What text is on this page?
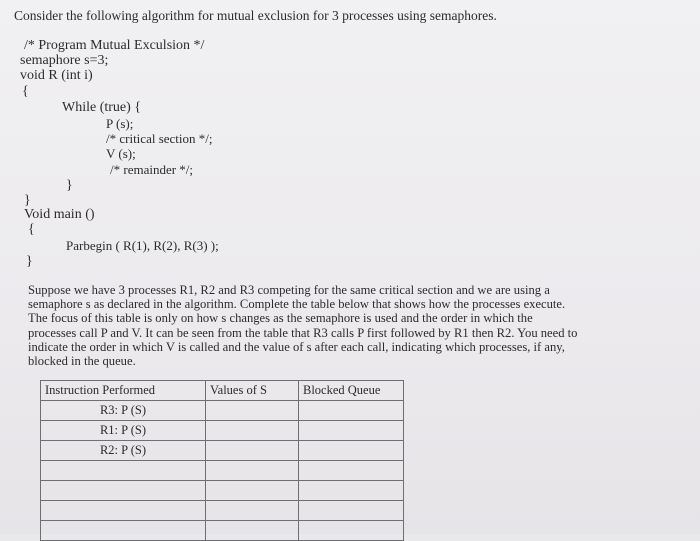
Consider the following algorithm for mutual exclusion for 3 processes using semaphores.
/* Program Mutual Exculsion */
semaphore s=3;
void R (int i)
{
While (true) {
P (s);
/* critical section */;
V (s);
/* remainder */;
}
}
Void main ()
{
Parbegin ( R(1), R(2), R(3) );
}

Suppose we have 3 processes R1, R2 and R3 competing for the same critical section and we are using a

semaphore s as declared in the algorithm. Complete the table below that shows how the processes execute.

The focus of this table is only on how s changes as the semaphore is used and the order in which the

processes call P and V. It can be seen from the table that R3 calls P first followed by R1 then R2. You need to

indicate the order in which V is called and the value of s after each call, indicating which processes, if any,

blocked in the queue.

Instruction Performed	Values of S	Blocked Queue
R3: P (S)		
R1: P (S)		
R2: P (S)		
